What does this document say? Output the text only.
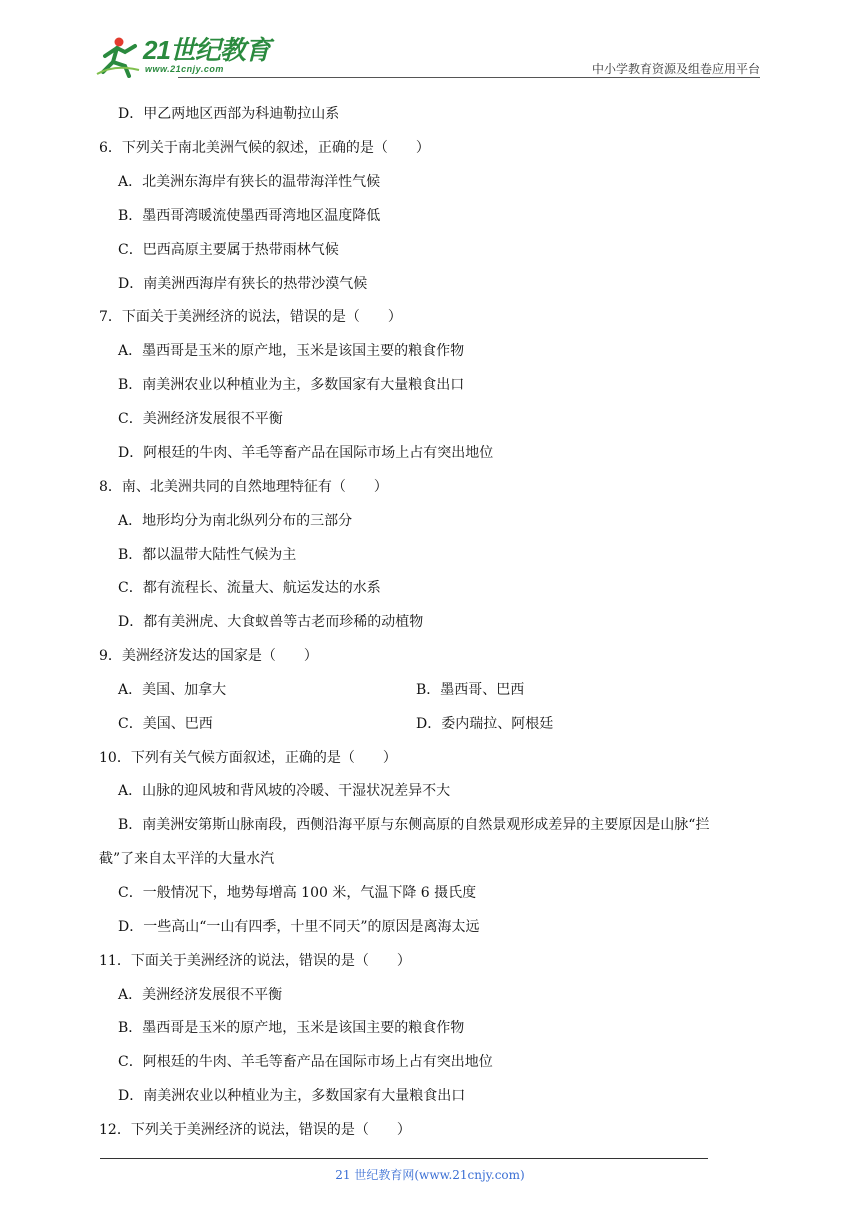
21世纪教育
www.21cnjy.com	中小学教育资源及组卷应用平台
D．甲乙两地区西部为科迪勒拉山系
6．下列关于南北美洲气候的叙述，正确的是（　　）
A．北美洲东海岸有狭长的温带海洋性气候
B．墨西哥湾暖流使墨西哥湾地区温度降低
C．巴西高原主要属于热带雨林气候
D．南美洲西海岸有狭长的热带沙漠气候
7．下面关于美洲经济的说法，错误的是（　　）
A．墨西哥是玉米的原产地，玉米是该国主要的粮食作物
B．南美洲农业以种植业为主，多数国家有大量粮食出口
C．美洲经济发展很不平衡
D．阿根廷的牛肉、羊毛等畜产品在国际市场上占有突出地位
8．南、北美洲共同的自然地理特征有（　　）
A．地形均分为南北纵列分布的三部分
B．都以温带大陆性气候为主
C．都有流程长、流量大、航运发达的水系
D．都有美洲虎、大食蚁兽等古老而珍稀的动植物
9．美洲经济发达的国家是（　　）
A．美国、加拿大	B．墨西哥、巴西
C．美国、巴西	D．委内瑞拉、阿根廷
10．下列有关气候方面叙述，正确的是（　　）
A．山脉的迎风坡和背风坡的冷暖、干湿状况差异不大
B．南美洲安第斯山脉南段，西侧沿海平原与东侧高原的自然景观形成差异的主要原因是山脉“拦
截”了来自太平洋的大量水汽
C．一般情况下，地势每增高 100 米，气温下降 6 摄氏度
D．一些高山“一山有四季，十里不同天”的原因是离海太远
11．下面关于美洲经济的说法，错误的是（　　）
A．美洲经济发展很不平衡
B．墨西哥是玉米的原产地，玉米是该国主要的粮食作物
C．阿根廷的牛肉、羊毛等畜产品在国际市场上占有突出地位
D．南美洲农业以种植业为主，多数国家有大量粮食出口
12．下列关于美洲经济的说法，错误的是（　　）
21 世纪教育网(www.21cnjy.com)
